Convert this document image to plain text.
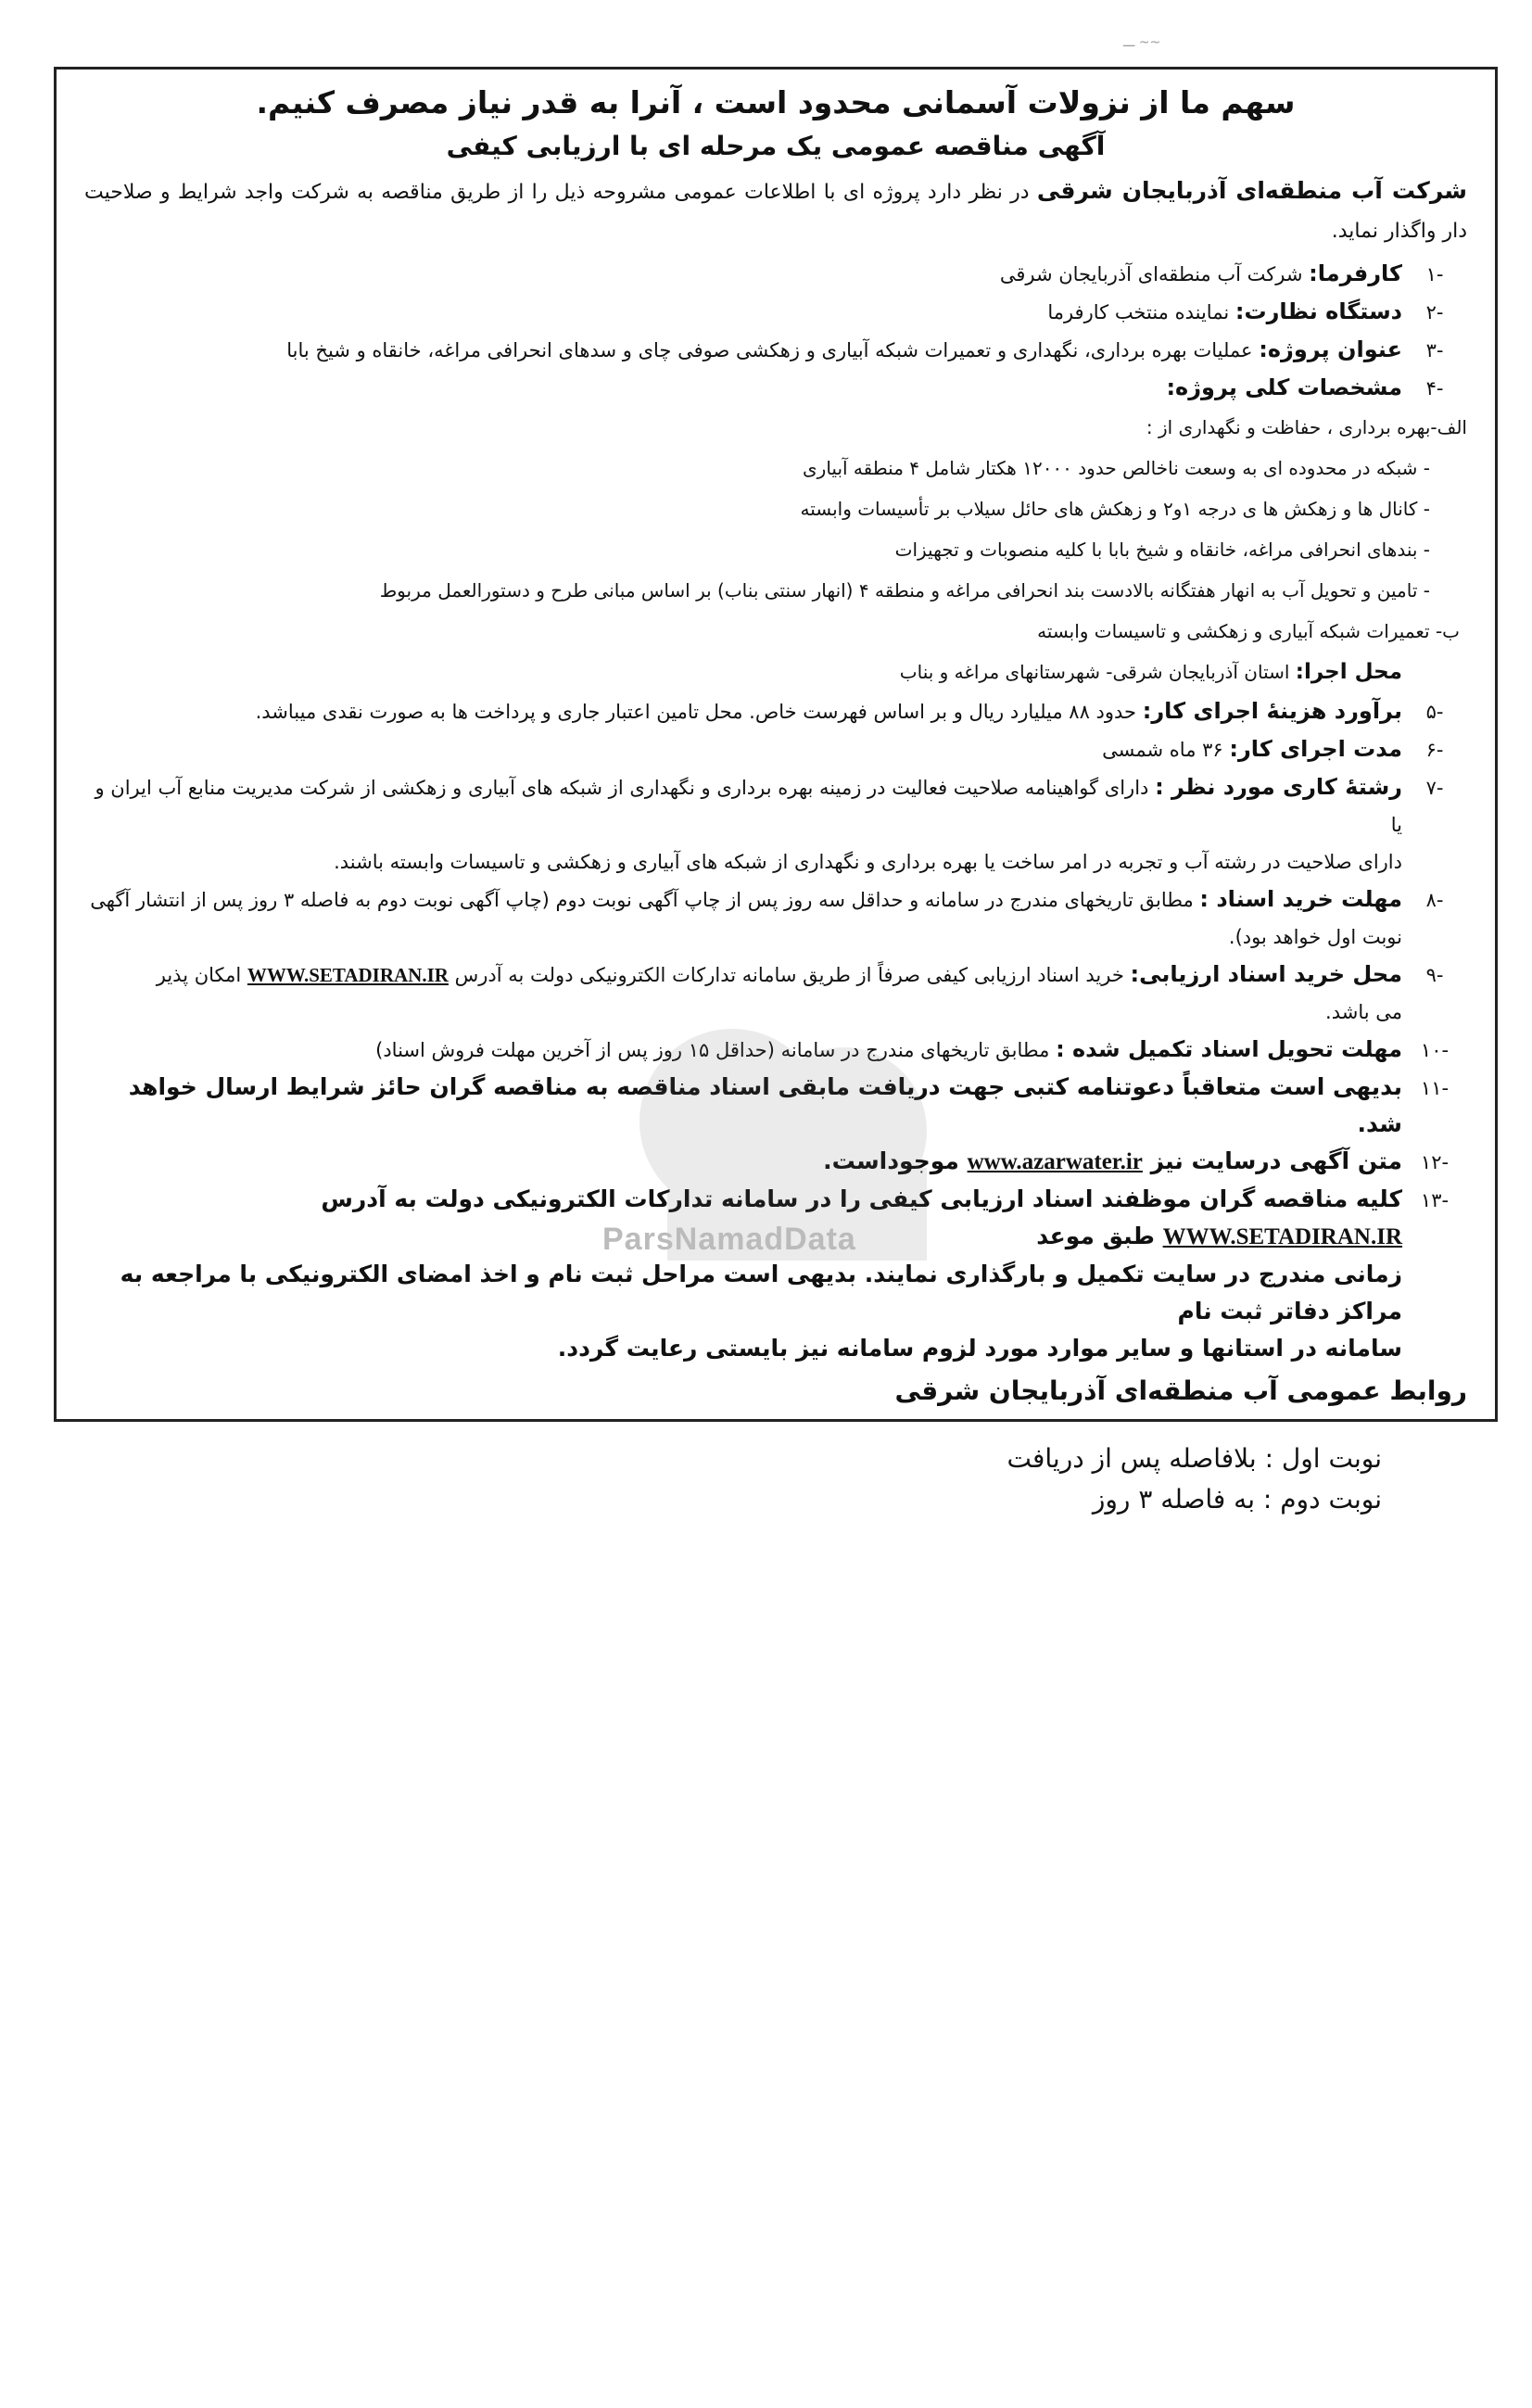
ـــ ~~
سهم ما از نزولات آسمانی محدود است ، آنرا به قدر نیاز مصرف کنیم.
آگهی مناقصه عمومی یک مرحله ای با ارزیابی کیفی
شرکت آب منطقه‌ای آذربایجان شرقی در نظر دارد پروژه ای با اطلاعات عمومی مشروحه ذیل را از طریق مناقصه به شرکت واجد شرایط و صلاحیت دار واگذار نماید.
-۱
کارفرما: شرکت آب منطقه‌ای آذربایجان شرقی
-۲
دستگاه نظارت: نماینده منتخب کارفرما
-۳
عنوان پروژه: عملیات بهره برداری، نگهداری و تعمیرات شبکه آبیاری و زهکشی صوفی چای و سدهای انحرافی مراغه، خانقاه و شیخ بابا
-۴
مشخصات کلی پروژه:
الف-بهره برداری ، حفاظت و نگهداری از :
- شبکه در محدوده ای به وسعت ناخالص حدود ۱۲۰۰۰ هکتار شامل ۴ منطقه آبیاری
- کانال ها و زهکش ها ی درجه ۱و۲ و زهکش های حائل سیلاب بر تأسیسات وابسته
- بندهای انحرافی مراغه، خانقاه و شیخ بابا با کلیه منصوبات و تجهیزات
- تامین و تحویل آب به انهار هفتگانه بالادست بند انحرافی مراغه و منطقه ۴ (انهار سنتی بناب) بر اساس مبانی طرح و دستورالعمل مربوط
ب- تعمیرات شبکه آبیاری و زهکشی و تاسیسات وابسته
محل اجرا: استان آذربایجان شرقی- شهرستانهای مراغه و بناب
-۵
برآورد هزینهٔ اجرای کار: حدود ۸۸ میلیارد ریال و بر اساس فهرست خاص. محل تامین اعتبار جاری و پرداخت ها به صورت نقدی میباشد.
-۶
مدت اجرای کار: ۳۶ ماه شمسی
-۷
رشتهٔ کاری مورد نظر : دارای گواهینامه صلاحیت فعالیت در زمینه بهره برداری و نگهداری از شبکه های آبیاری و زهکشی از شرکت مدیریت منابع آب ایران و یا
دارای صلاحیت در رشته آب و تجربه در امر ساخت یا بهره برداری و نگهداری از شبکه های آبیاری و زهکشی و تاسیسات وابسته باشند.
-۸
مهلت خرید اسناد : مطابق تاریخهای مندرج در سامانه و حداقل سه روز پس از چاپ آگهی نوبت دوم (چاپ آگهی نوبت دوم به فاصله ۳ روز پس از انتشار آگهی
نوبت اول خواهد بود).
-۹
محل خرید اسناد ارزیابی: خرید اسناد ارزیابی کیفی صرفاً از طریق سامانه تدارکات الکترونیکی دولت به آدرس WWW.SETADIRAN.IR امکان پذیر
می باشد.
-۱۰
مهلت تحویل اسناد تکمیل شده : مطابق تاریخهای مندرج در سامانه (حداقل ۱۵ روز پس از آخرین مهلت فروش اسناد)
-۱۱
بدیهی است متعاقباً دعوتنامه کتبی جهت دریافت مابقی اسناد مناقصه به مناقصه گران حائز شرایط ارسال خواهد شد.
-۱۲
متن آگهی درسایت نیز www.azarwater.ir موجوداست.
-۱۳
کلیه مناقصه گران موظفند اسناد ارزیابی کیفی را در سامانه تدارکات الکترونیکی دولت به آدرس WWW.SETADIRAN.IR طبق موعد
زمانی مندرج در سایت تکمیل و بارگذاری نمایند. بدیهی است مراحل ثبت نام و اخذ امضای الکترونیکی با مراجعه به مراکز دفاتر ثبت نام
سامانه در استانها و سایر موارد مورد لزوم سامانه نیز بایستی رعایت گردد.
روابط عمومی آب منطقه‌ای آذربایجان شرقی
ParsNamadData
نوبت اول : بلافاصله پس از دریافت
نوبت دوم : به فاصله ۳ روز
